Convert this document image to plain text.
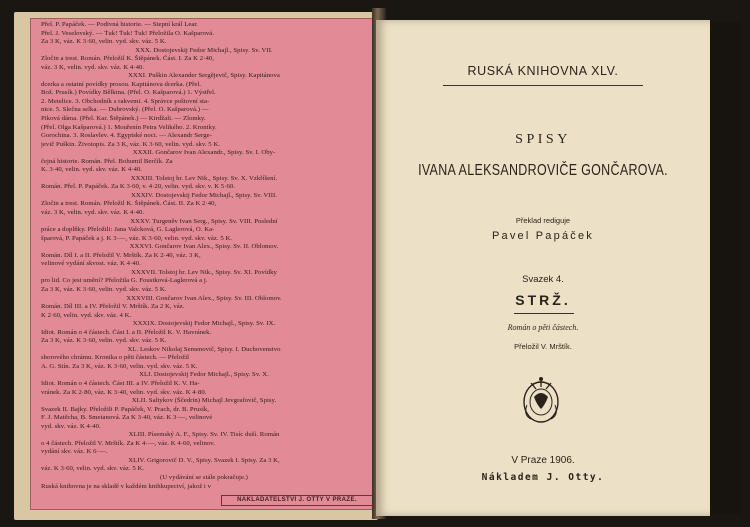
Přel. P. Papáček. — Podivná historie. — Stepní král Lear.
Přel. J. Veselovský. — Ťuk! Ťuk! Ťuk! Přeložila O. Kašparová.
Za 3 K, váz. K 3·60, velin. vyd. skv. váz. 5 K.
XXX. Dostojevskij Fedor Michajl., Spisy. Sv. VII.
Zločin a trest. Román. Přeložil K. Štěpánek. Část. I. Za K 2·40,
váz. 3 K, velin. vyd. skv. váz. K 4·40.
XXXI. Puškin Alexander Sergějevič, Spisy. Kapitánova
dcerka a ostatní povídky prosou. Kapitánova dcerka. (Přel.
Bož. Prusík.) Povídky Bělkina. (Přel. O. Kašparová.) 1. Výstřel.
2. Metelice. 3. Obchodník s rakvemi. 4. Správce poštovní sta-
nice. 5. Slečna selka. — Dubrovský. (Přel. O. Kašparová.) —
Piková dáma. (Přel. Kar. Štěpánek.) — Kirdžali. — Zlomky.
(Přel. Olga Kašparová.) 1. Mouřenín Petra Velikého. 2. Kroniky.
Gorochina. 3. Roslavlev. 4. Egyptské noci. — Alexandr Serge-
jevič Puškin. Životopis. Za 3 K, váz. K 3·60, velin. vyd. skv. 5 K.
XXXII. Gončarov Ivan Alexandr., Spisy. Sv. I. Oby-
čejná historie. Román. Přel. Bohumil Berčík. Za
K. 3·40, velin. vyd. skv. váz. K 4·40.
XXXIII. Tolstoj hr. Lev Nik., Spisy. Sv. X. Vzkříšení.
Román. Přel. P. Papáček. Za K 3·60, v. 4·20, velin. vyd. skv. v. K 5·60.
XXXIV. Dostojevskij Fedor Michajl., Spisy. Sv. VIII.
Zločin a trest. Román. Přeložil K. Štěpánek. Část. II. Za K 2·40,
váz. 3 K, velin. vyd. skv. váz. K 4·40.
XXXV. Turgeněv Ivan Serg., Spisy. Sv. VIII. Poslední
práce a doplňky. Přeložili: Jana Valcková, G. Laglerová, O. Ka-
šparová, P. Papáček a j. K 3·—, váz. K 3·60, velin. vyd. skv. váz. 5 K.
XXXVI. Gončarov Ivan Alex., Spisy. Sv. II. Oblomov.
Román. Díl I. a II. Přeložil V. Mrštík. Za K 2·40, váz. 3 K,
velinové vydání skvost. váz. K 4·40.
XXXVII. Tolstoj hr. Lev Nik., Spisy. Sv. XI. Povídky
pro lid. Co jest umění? Přeložila G. Foustková-Laglerová a j.
Za 3 K, váz. K 3·60, velin. vyd. skv. váz. 5 K.
XXXVIII. Gončarov Ivan Alex., Spisy. Sv. III. Oblomov.
Román. Díl III. a IV. Přeložil V. Mrštík. Za 2 K, váz.
K 2·60, velin. vyd. skv. váz. 4 K.
XXXIX. Dostojevskij Fedor Michajl., Spisy. Sv. IX.
Idiot. Román o 4 částech. Část I. a II. Přeložil K. V. Havránek.
Za 3 K, váz. K 3·60, velin. vyd. skv. váz. 5 K.
XL. Leskov Nikolaj Semenovič, Spisy. I. Duchovenstvo
sborového chrámu. Kronika o pěti částech. — Přeložil
A. G. Stín. Za 3 K, váz. K 3·60, velin. vyd. skv. váz. 5 K.
XLI. Dostojevskij Fedor Michajl., Spisy. Sv. X.
Idiot. Román o 4 částech. Část III. a IV. Přeložil K. V. Ha-
vránek. Za K 2·80, váz. K 3·40, velin. vyd. skv. váz. K 4·80.
XLII. Saltykov (Ščedrin) Michajl Jevgrafovič, Spisy.
Svazek II. Bajky. Přeložili P. Papáček, V. Prach, dr. B. Prusík,
F. J. Matěcha, B. Smetanová. Za K 3·40, váz. K 3·—, velinové
vyd. skv. váz. K 4·40.
XLIII. Písemský A. F., Spisy. Sv. IV. Tisíc duší. Román
o 4 částech. Přeložil V. Mrštík. Za K 4·—, váz. K 4·60, velinov.
vydání skv. váz. K 6·—.
XLIV. Grigorovič D. V., Spisy. Svazek I. Spisy. Za 3 K,
váz. K 3·60, velin. vyd. skv. váz. 5 K.
(U vydávání se stále pokračuje.)
Ruská knihovna je na skladě v každém knihkupectví, jakož i v
NAKLADATELSTVÍ J. OTTY V PRAZE.
RUSKÁ KNIHOVNA XLV.
SPISY
IVANA ALEKSANDROVIČE GONČAROVA.
Překlad rediguje
Pavel Papáček
Svazek 4.
STRŽ.
Román o pěti částech.
Přeložil V. Mrštík.
V Praze 1906.
Nákladem J. Otty.
